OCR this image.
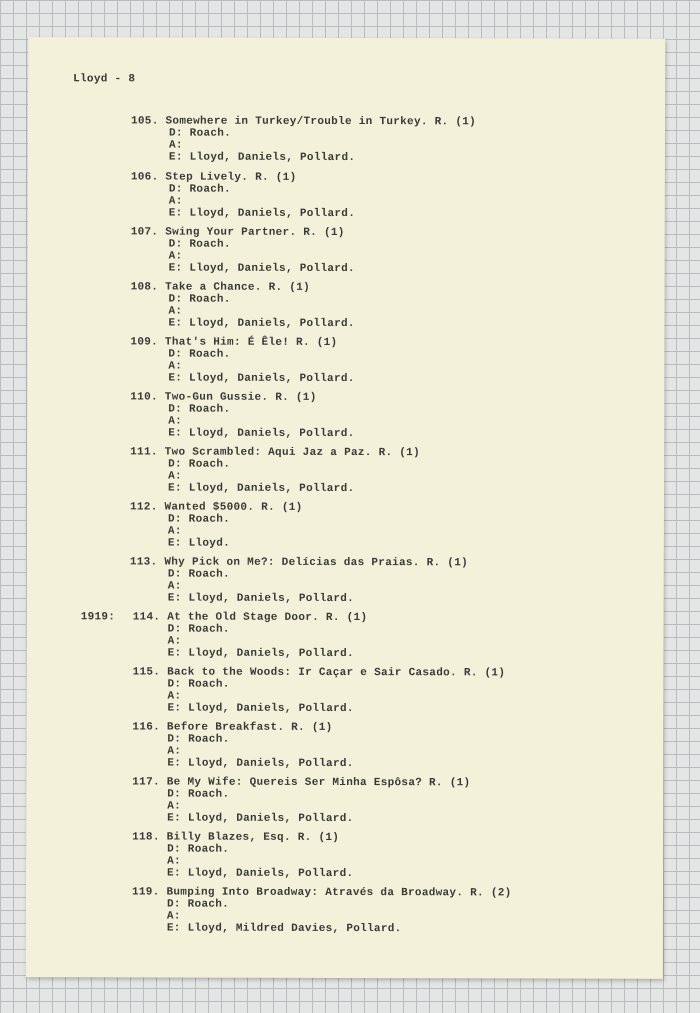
Lloyd - 8
105. Somewhere in Turkey/Trouble in Turkey. R. (1)
D: Roach.
A:
E: Lloyd, Daniels, Pollard.
106. Step Lively. R. (1)
D: Roach.
A:
E: Lloyd, Daniels, Pollard.
107. Swing Your Partner. R. (1)
D: Roach.
A:
E: Lloyd, Daniels, Pollard.
108. Take a Chance. R. (1)
D: Roach.
A:
E: Lloyd, Daniels, Pollard.
109. That's Him: É Êle! R. (1)
D: Roach.
A:
E: Lloyd, Daniels, Pollard.
110. Two-Gun Gussie. R. (1)
D: Roach.
A:
E: Lloyd, Daniels, Pollard.
111. Two Scrambled: Aqui Jaz a Paz. R. (1)
D: Roach.
A:
E: Lloyd, Daniels, Pollard.
112. Wanted $5000. R. (1)
D: Roach.
A:
E: Lloyd.
113. Why Pick on Me?: Delícias das Praias. R. (1)
D: Roach.
A:
E: Lloyd, Daniels, Pollard.
1919: 114. At the Old Stage Door. R. (1)
D: Roach.
A:
E: Lloyd, Daniels, Pollard.
115. Back to the Woods: Ir Caçar e Sair Casado. R. (1)
D: Roach.
A:
E: Lloyd, Daniels, Pollard.
116. Before Breakfast. R. (1)
D: Roach.
A:
E: Lloyd, Daniels, Pollard.
117. Be My Wife: Quereis Ser Minha Espôsa? R. (1)
D: Roach.
A:
E: Lloyd, Daniels, Pollard.
118. Billy Blazes, Esq. R. (1)
D: Roach.
A:
E: Lloyd, Daniels, Pollard.
119. Bumping Into Broadway: Através da Broadway. R. (2)
D: Roach.
A:
E: Lloyd, Mildred Davies, Pollard.
